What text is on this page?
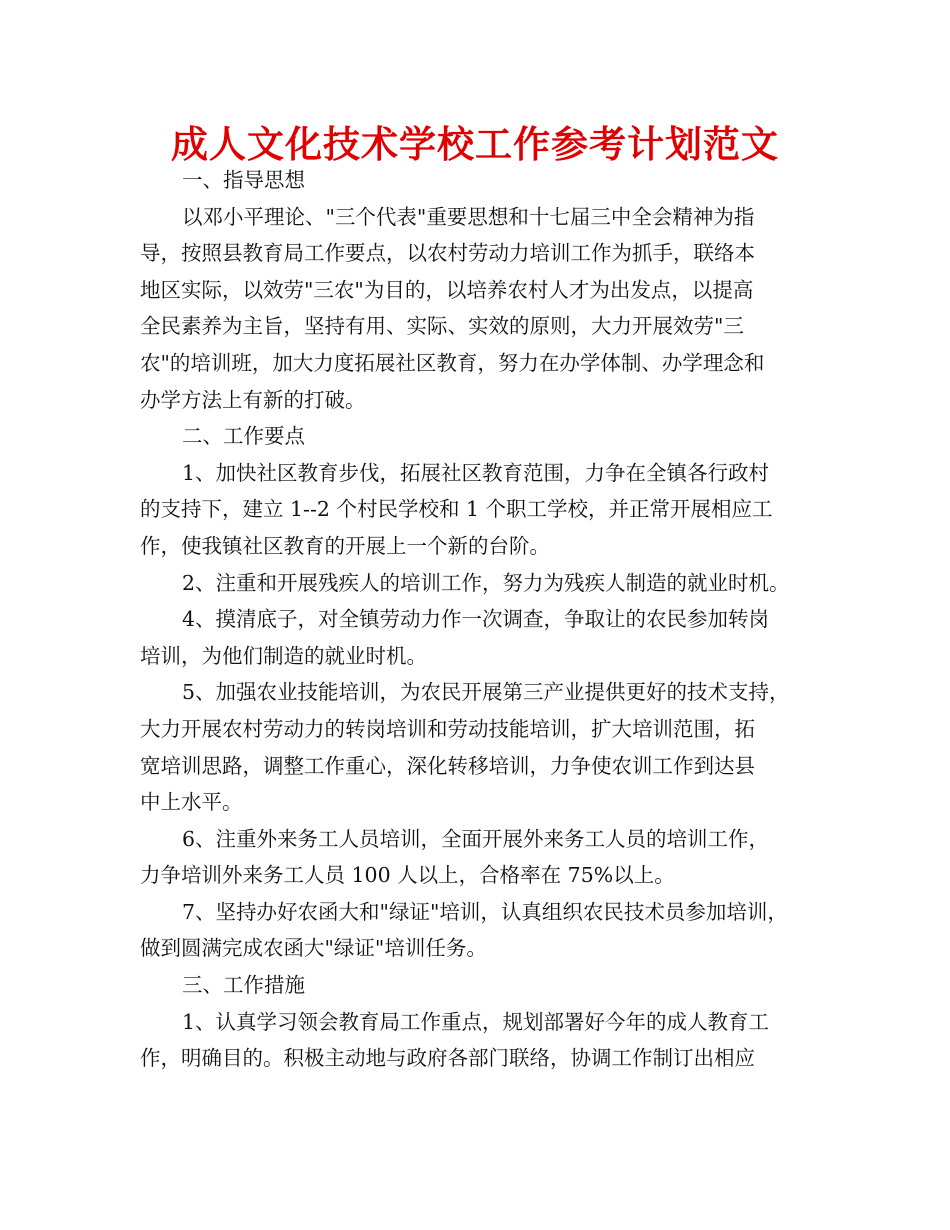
成人文化技术学校工作参考计划范文
一、指导思想
以邓小平理论、"三个代表"重要思想和十七届三中全会精神为指
导，按照县教育局工作要点，以农村劳动力培训工作为抓手，联络本
地区实际，以效劳"三农"为目的，以培养农村人才为出发点，以提高
全民素养为主旨，坚持有用、实际、实效的原则，大力开展效劳"三
农"的培训班，加大力度拓展社区教育，努力在办学体制、办学理念和
办学方法上有新的打破。
二、工作要点
1、加快社区教育步伐，拓展社区教育范围，力争在全镇各行政村
的支持下，建立 1--2 个村民学校和 1 个职工学校，并正常开展相应工
作，使我镇社区教育的开展上一个新的台阶。
2、注重和开展残疾人的培训工作，努力为残疾人制造的就业时机。
4、摸清底子，对全镇劳动力作一次调查，争取让的农民参加转岗
培训，为他们制造的就业时机。
5、加强农业技能培训，为农民开展第三产业提供更好的技术支持，
大力开展农村劳动力的转岗培训和劳动技能培训，扩大培训范围，拓
宽培训思路，调整工作重心，深化转移培训，力争使农训工作到达县
中上水平。
6、注重外来务工人员培训，全面开展外来务工人员的培训工作，
力争培训外来务工人员 100 人以上，合格率在 75%以上。
7、坚持办好农函大和"绿证"培训，认真组织农民技术员参加培训，
做到圆满完成农函大"绿证"培训任务。
三、工作措施
1、认真学习领会教育局工作重点，规划部署好今年的成人教育工
作，明确目的。积极主动地与政府各部门联络，协调工作制订出相应
